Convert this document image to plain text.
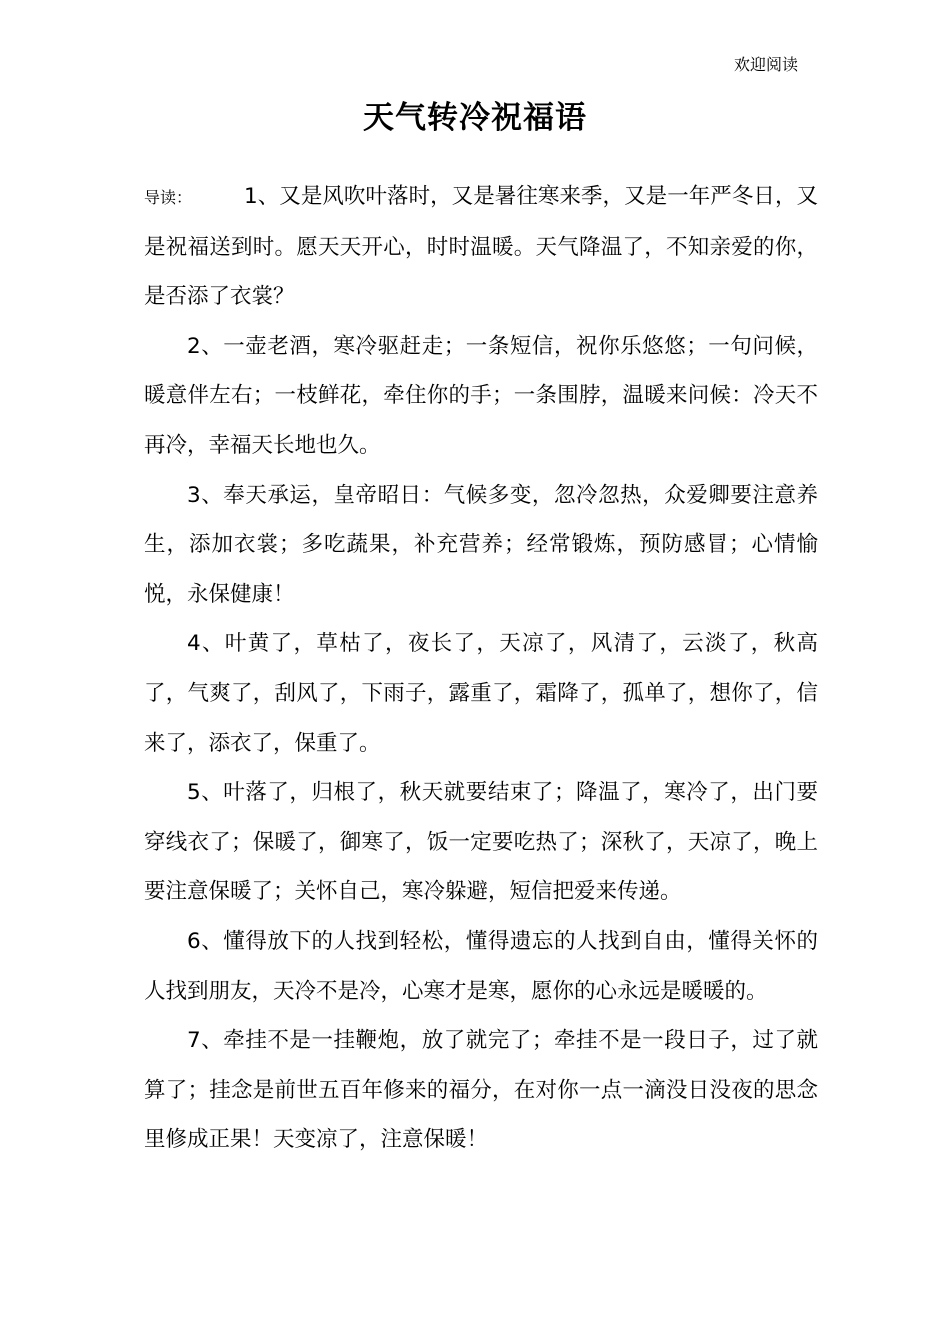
欢迎阅读
天气转冷祝福语

导读： 1、又是风吹叶落时，又是暑往寒来季，又是一年严冬日，又是祝福送到时。愿天天开心，时时温暖。天气降温了，不知亲爱的你，是否添了衣裳？

2、一壶老酒，寒冷驱赶走；一条短信，祝你乐悠悠；一句问候，暖意伴左右；一枝鲜花，牵住你的手；一条围脖，温暖来问候：冷天不再冷，幸福天长地也久。

3、奉天承运，皇帝昭日：气候多变，忽冷忽热，众爱卿要注意养生，添加衣裳；多吃蔬果，补充营养；经常锻炼，预防感冒；心情愉悦，永保健康！

4、叶黄了，草枯了，夜长了，天凉了，风清了，云淡了，秋高了，气爽了，刮风了，下雨子，露重了，霜降了，孤单了，想你了，信来了，添衣了，保重了。

5、叶落了，归根了，秋天就要结束了；降温了，寒冷了，出门要穿线衣了；保暖了，御寒了，饭一定要吃热了；深秋了，天凉了，晚上要注意保暖了；关怀自己，寒冷躲避，短信把爱来传递。

6、懂得放下的人找到轻松，懂得遗忘的人找到自由，懂得关怀的人找到朋友，天冷不是冷，心寒才是寒，愿你的心永远是暖暖的。

7、牵挂不是一挂鞭炮，放了就完了；牵挂不是一段日子，过了就算了；挂念是前世五百年修来的福分，在对你一点一滴没日没夜的思念里修成正果！天变凉了，注意保暖！
